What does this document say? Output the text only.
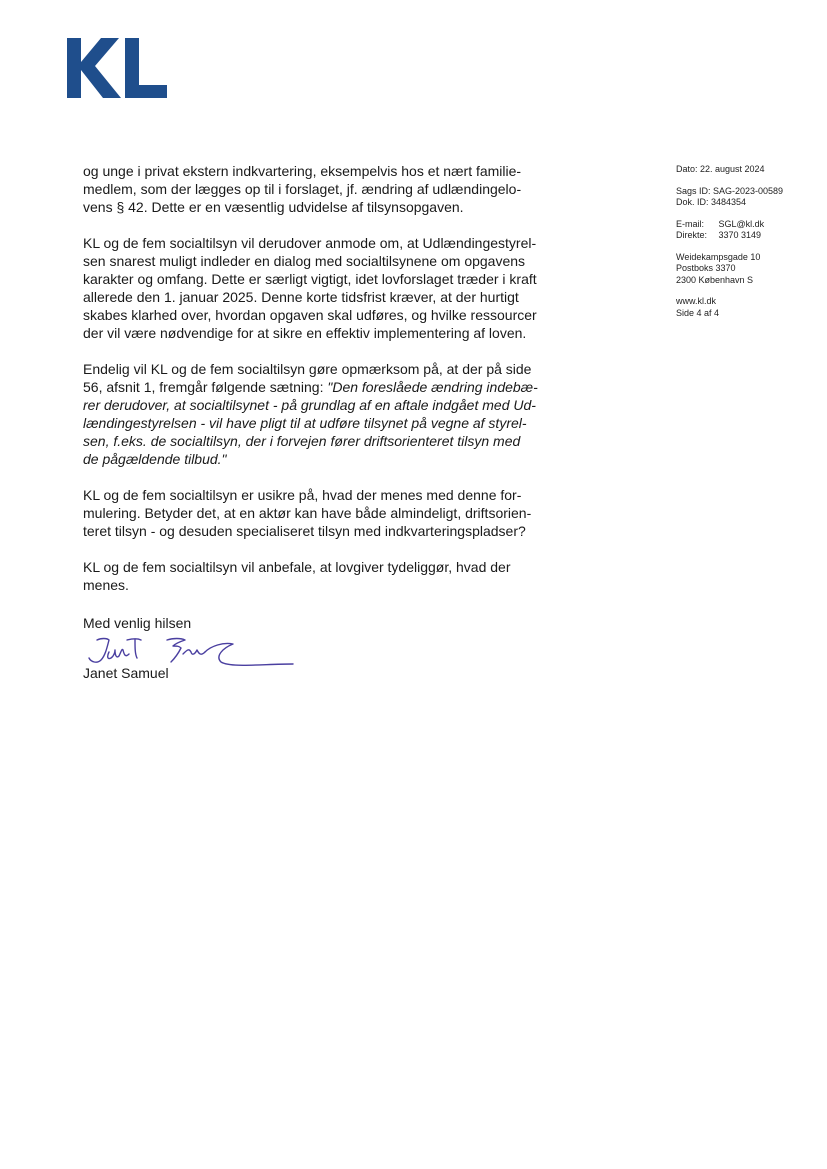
og unge i privat ekstern indkvartering, eksempelvis hos et nært familie-
medlem, som der lægges op til i forslaget, jf. ændring af udlændingelo-
vens § 42. Dette er en væsentlig udvidelse af tilsynsopgaven.

KL og de fem socialtilsyn vil derudover anmode om, at Udlændingestyrel-
sen snarest muligt indleder en dialog med socialtilsynene om opgavens
karakter og omfang. Dette er særligt vigtigt, idet lovforslaget træder i kraft
allerede den 1. januar 2025. Denne korte tidsfrist kræver, at der hurtigt
skabes klarhed over, hvordan opgaven skal udføres, og hvilke ressourcer
der vil være nødvendige for at sikre en effektiv implementering af loven.

Endelig vil KL og de fem socialtilsyn gøre opmærksom på, at der på side
56, afsnit 1, fremgår følgende sætning: "Den foreslåede ændring indebæ-
rer derudover, at socialtilsynet - på grundlag af en aftale indgået med Ud-
lændingestyrelsen - vil have pligt til at udføre tilsynet på vegne af styrel-
sen, f.eks. de socialtilsyn, der i forvejen fører driftsorienteret tilsyn med
de pågældende tilbud."

KL og de fem socialtilsyn er usikre på, hvad der menes med denne for-
mulering. Betyder det, at en aktør kan have både almindeligt, driftsorien-
teret tilsyn - og desuden specialiseret tilsyn med indkvarteringspladser?

KL og de fem socialtilsyn vil anbefale, at lovgiver tydeliggør, hvad der
menes.

Med venlig hilsen
Janet Samuel
Dato: 22. august 2024
Sags ID: SAG-2023-00589
Dok. ID: 3484354
E-mail: SGL@kl.dk
Direkte: 3370 3149
Weidekampsgade 10
Postboks 3370
2300 København S
www.kl.dk
Side 4 af 4
